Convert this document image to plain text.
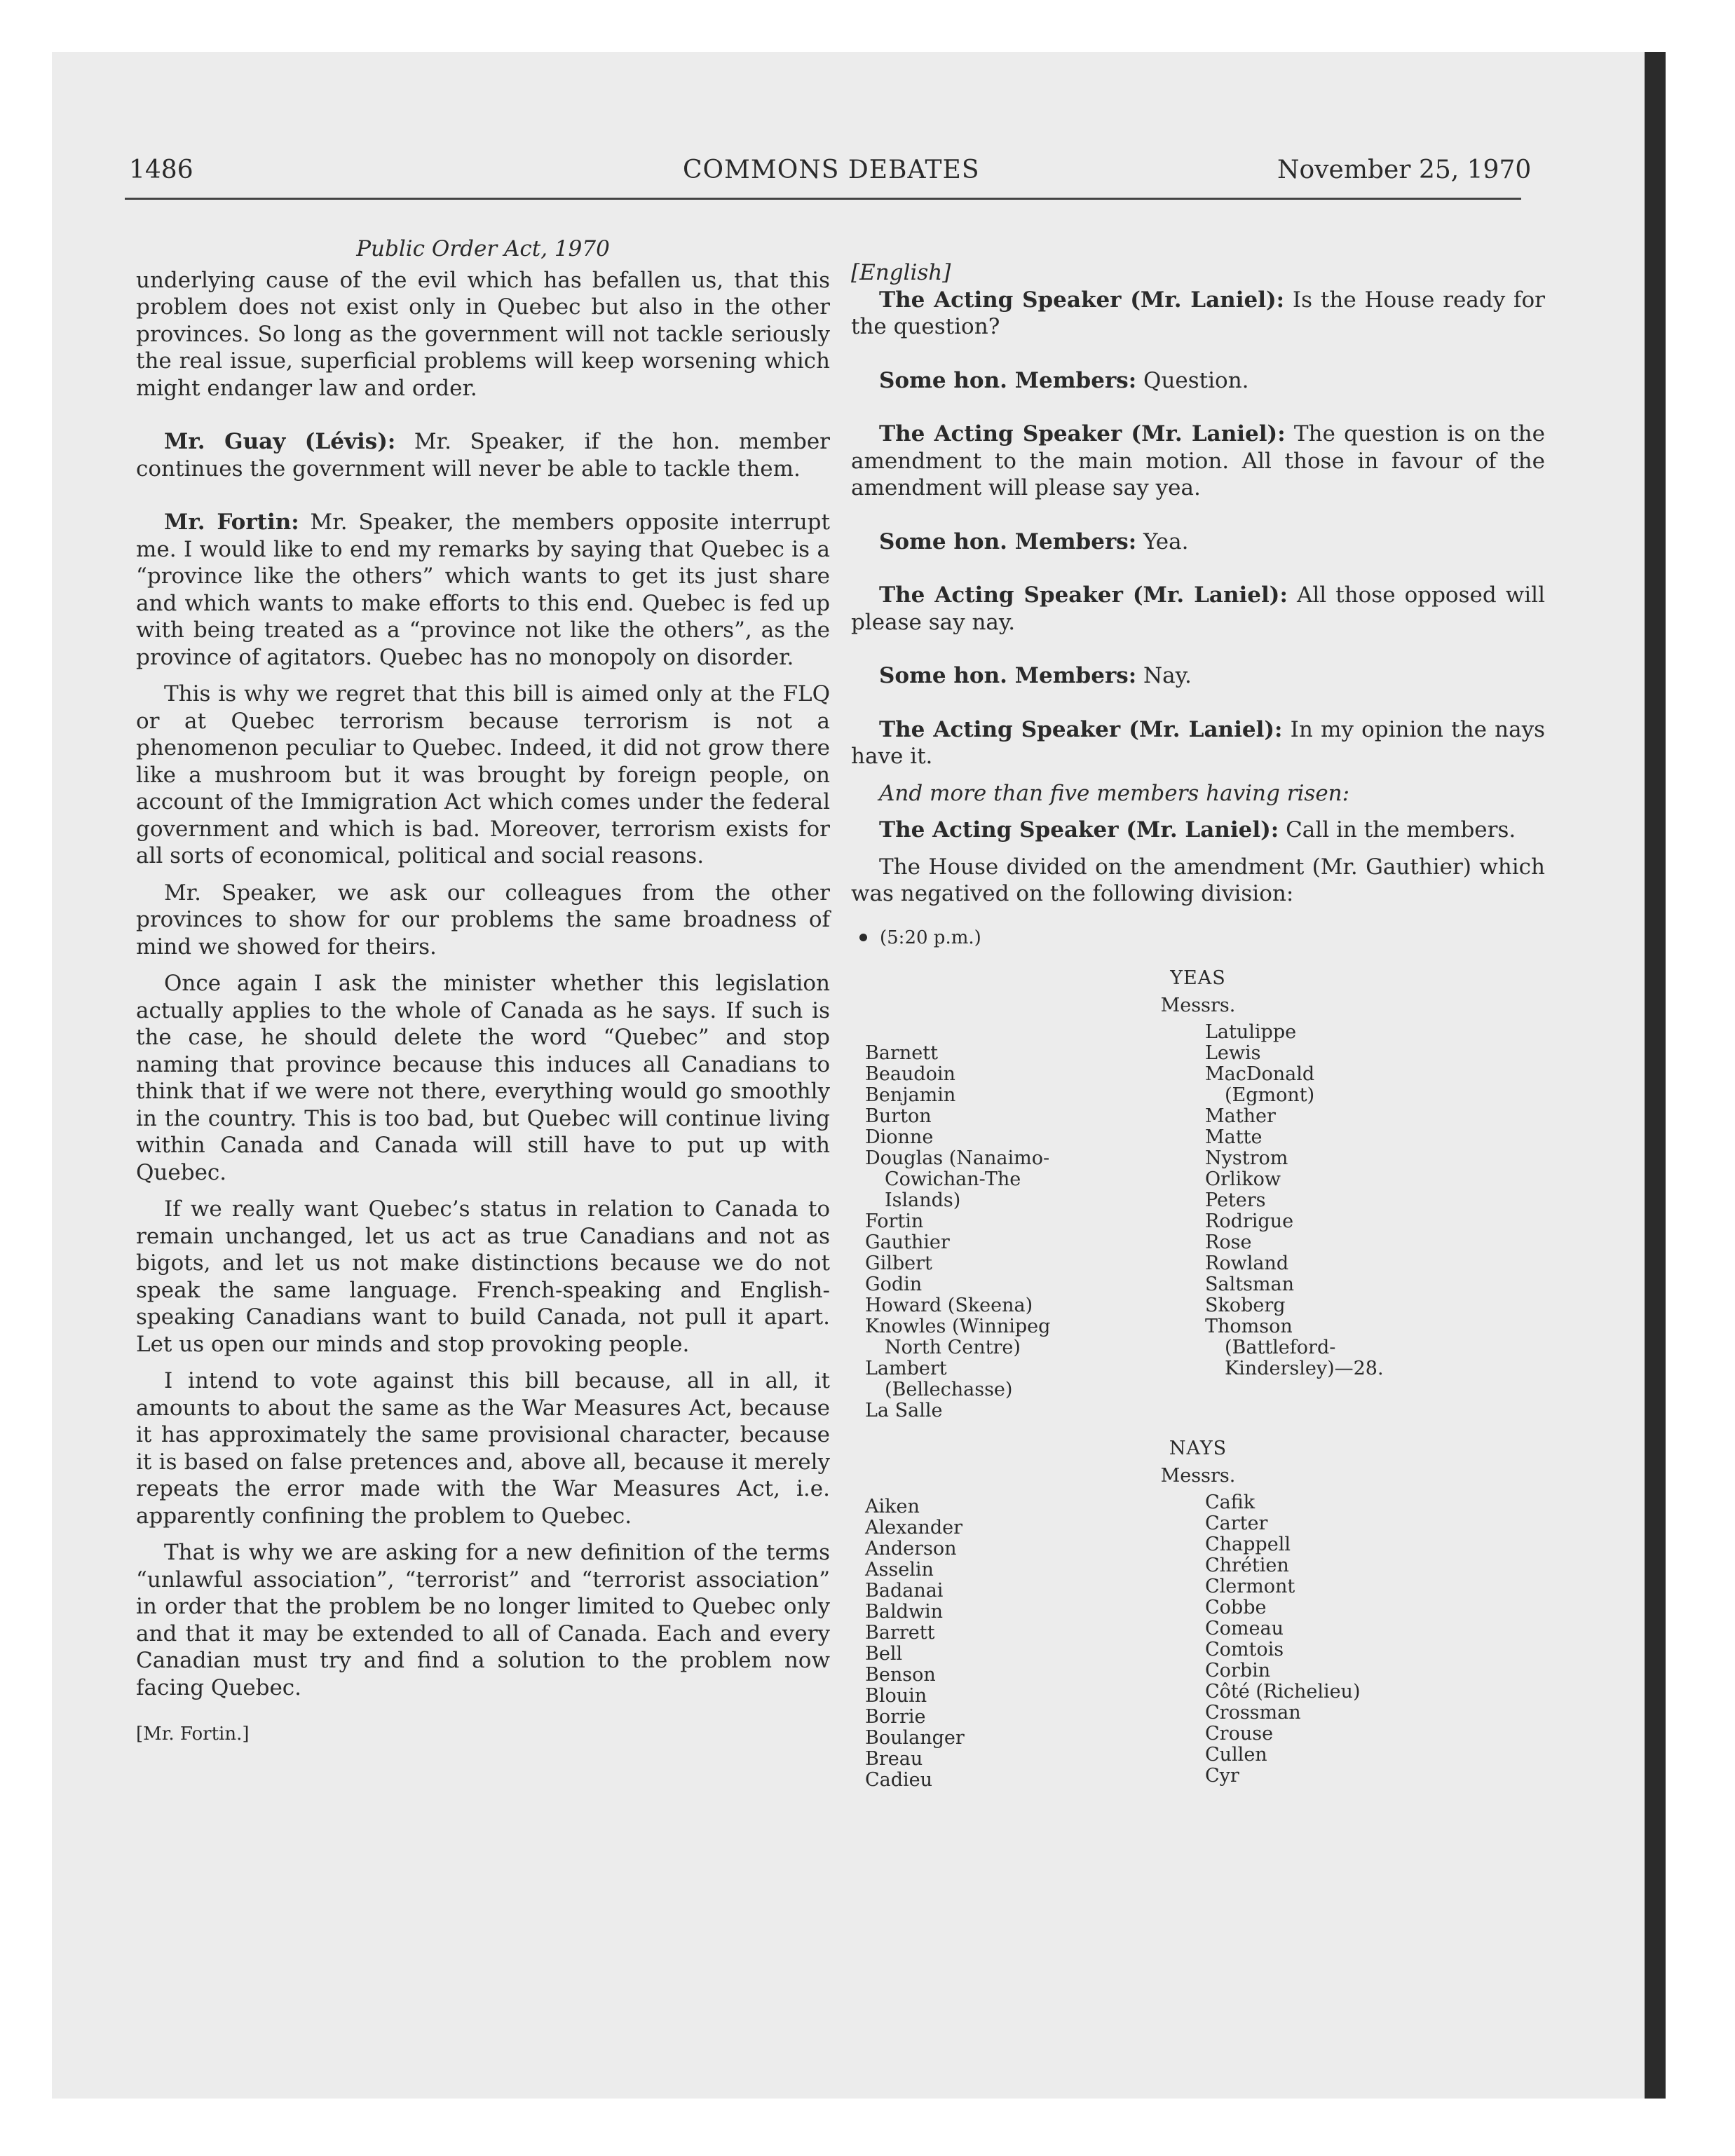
1486	COMMONS DEBATES	November 25, 1970

Public Order Act, 1970

underlying cause of the evil which has befallen us, that this problem does not exist only in Quebec but also in the other provinces. So long as the government will not tackle seriously the real issue, superficial problems will keep worsening which might endanger law and order.

Mr. Guay (Lévis): Mr. Speaker, if the hon. member continues the government will never be able to tackle them.

Mr. Fortin: Mr. Speaker, the members opposite interrupt me. I would like to end my remarks by saying that Quebec is a “province like the others” which wants to get its just share and which wants to make efforts to this end. Quebec is fed up with being treated as a “province not like the others”, as the province of agitators. Quebec has no monopoly on disorder.

This is why we regret that this bill is aimed only at the FLQ or at Quebec terrorism because terrorism is not a phenomenon peculiar to Quebec. Indeed, it did not grow there like a mushroom but it was brought by foreign people, on account of the Immigration Act which comes under the federal government and which is bad. Moreover, terrorism exists for all sorts of economical, political and social reasons.

Mr. Speaker, we ask our colleagues from the other provinces to show for our problems the same broadness of mind we showed for theirs.

Once again I ask the minister whether this legislation actually applies to the whole of Canada as he says. If such is the case, he should delete the word “Quebec” and stop naming that province because this induces all Canadians to think that if we were not there, everything would go smoothly in the country. This is too bad, but Quebec will continue living within Canada and Canada will still have to put up with Quebec.

If we really want Quebec’s status in relation to Canada to remain unchanged, let us act as true Canadians and not as bigots, and let us not make distinctions because we do not speak the same language. French-speaking and English-speaking Canadians want to build Canada, not pull it apart. Let us open our minds and stop provoking people.

I intend to vote against this bill because, all in all, it amounts to about the same as the War Measures Act, because it has approximately the same provisional character, because it is based on false pretences and, above all, because it merely repeats the error made with the War Measures Act, i.e. apparently confining the problem to Quebec.

That is why we are asking for a new definition of the terms “unlawful association”, “terrorist” and “terrorist association” in order that the problem be no longer limited to Quebec only and that it may be extended to all of Canada. Each and every Canadian must try and find a solution to the problem now facing Quebec.

[Mr. Fortin.]

[English]

The Acting Speaker (Mr. Laniel): Is the House ready for the question?

Some hon. Members: Question.

The Acting Speaker (Mr. Laniel): The question is on the amendment to the main motion. All those in favour of the amendment will please say yea.

Some hon. Members: Yea.

The Acting Speaker (Mr. Laniel): All those opposed will please say nay.

Some hon. Members: Nay.

The Acting Speaker (Mr. Laniel): In my opinion the nays have it.

And more than five members having risen:

The Acting Speaker (Mr. Laniel): Call in the members.

The House divided on the amendment (Mr. Gauthier) which was negatived on the following division:

(5:20 p.m.)

YEAS

Messrs.

Barnett
Beaudoin
Benjamin
Burton
Dionne
Douglas (Nanaimo-
Cowichan-The
Islands)
Fortin
Gauthier
Gilbert
Godin
Howard (Skeena)
Knowles (Winnipeg
North Centre)
Lambert
(Bellechasse)
La Salle
Latulippe
Lewis
MacDonald
(Egmont)
Mather
Matte
Nystrom
Orlikow
Peters
Rodrigue
Rose
Rowland
Saltsman
Skoberg
Thomson
(Battleford-
Kindersley)—28.

NAYS

Messrs.

Aiken
Alexander
Anderson
Asselin
Badanai
Baldwin
Barrett
Bell
Benson
Blouin
Borrie
Boulanger
Breau
Cadieu
Cafik
Carter
Chappell
Chrétien
Clermont
Cobbe
Comeau
Comtois
Corbin
Côté (Richelieu)
Crossman
Crouse
Cullen
Cyr
